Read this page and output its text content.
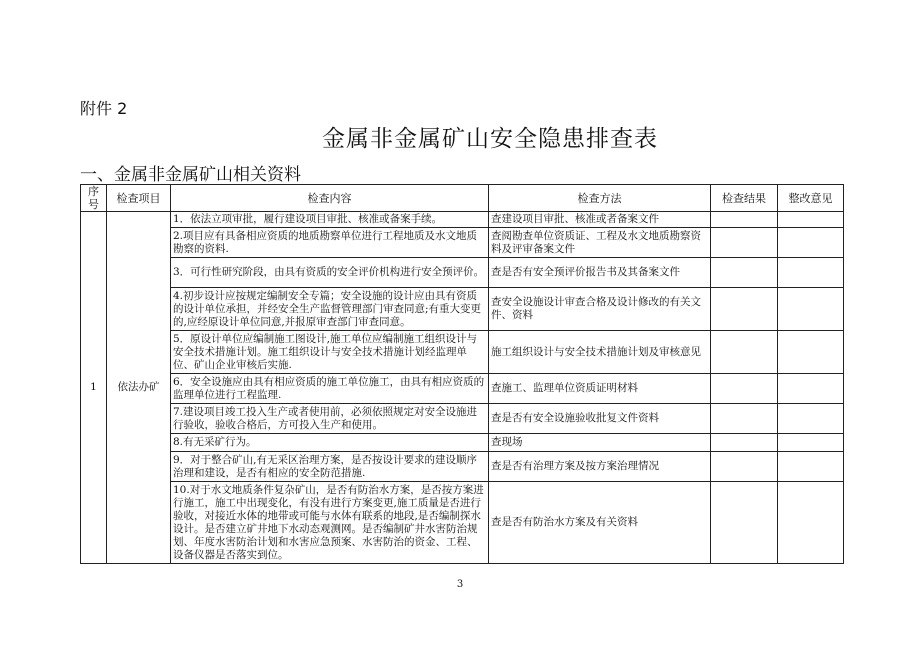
附件 2
金属非金属矿山安全隐患排查表
一、金属非金属矿山相关资料
序号	检查项目	检查内容	检查方法	检查结果	整改意见
1	依法办矿	1．依法立项审批，履行建设项目审批、核准或备案手续。	查建设项目审批、核准或者备案文件		
		2.项目应有具备相应资质的地质勘察单位进行工程地质及水文地质勘察的资料.	查阅勘查单位资质证、工程及水文地质勘察资料及评审备案文件		
		3．可行性研究阶段，由具有资质的安全评价机构进行安全预评价。	查是否有安全预评价报告书及其备案文件		
		4.初步设计应按规定编制安全专篇；安全设施的设计应由具有资质的设计单位承担，并经安全生产监督管理部门审查同意;有重大变更的,应经原设计单位同意,并报原审查部门审查同意。	查安全设施设计审查合格及设计修改的有关文件、资料		
		5．原设计单位应编制施工图设计,施工单位应编制施工组织设计与安全技术措施计划。施工组织设计与安全技术措施计划经监理单位、矿山企业审核后实施.	施工组织设计与安全技术措施计划及审核意见		
		6．安全设施应由具有相应资质的施工单位施工，由具有相应资质的监理单位进行工程监理.	查施工、监理单位资质证明材料		
		7.建设项目竣工投入生产或者使用前，必须依照规定对安全设施进行验收，验收合格后，方可投入生产和使用。	查是否有安全设施验收批复文件资料		
		8.有无采矿行为。	查现场		
		9．对于整合矿山,有无采区治理方案，是否按设计要求的建设顺序治理和建设，是否有相应的安全防范措施.	查是否有治理方案及按方案治理情况		
		10.对于水文地质条件复杂矿山，是否有防治水方案，是否按方案进行施工，施工中出现变化，有没有进行方案变更,施工质量是否进行验收，对接近水体的地带或可能与水体有联系的地段,是否编制探水设计。是否建立矿井地下水动态观测网。是否编制矿井水害防治规划、年度水害防治计划和水害应急预案、水害防治的资金、工程、设备仪器是否落实到位。	查是否有防治水方案及有关资料		
3
